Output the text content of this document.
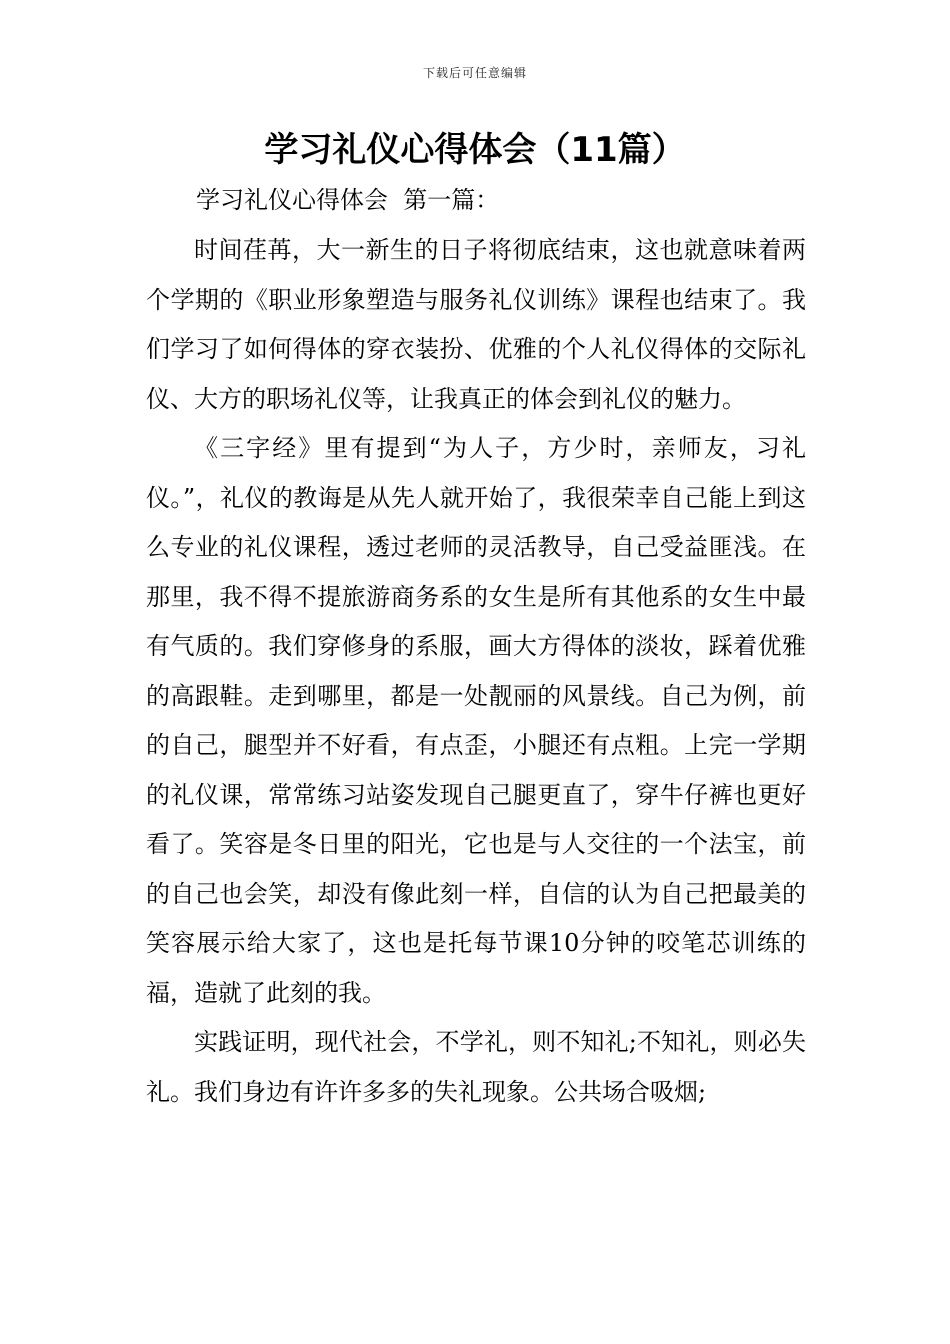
下载后可任意编辑
学习礼仪心得体会（11篇）
学习礼仪心得体会  第一篇：

时间荏苒，大一新生的日子将彻底结束，这也就意味着两个学期的《职业形象塑造与服务礼仪训练》课程也结束了。我们学习了如何得体的穿衣装扮、优雅的个人礼仪得体的交际礼仪、大方的职场礼仪等，让我真正的体会到礼仪的魅力。

《三字经》里有提到“为人子，方少时，亲师友，习礼仪。”，礼仪的教诲是从先人就开始了，我很荣幸自己能上到这么专业的礼仪课程，透过老师的灵活教导，自己受益匪浅。在那里，我不得不提旅游商务系的女生是所有其他系的女生中最有气质的。我们穿修身的系服，画大方得体的淡妆，踩着优雅的高跟鞋。走到哪里，都是一处靓丽的风景线。自己为例，前的自己，腿型并不好看，有点歪，小腿还有点粗。上完一学期的礼仪课，常常练习站姿发现自己腿更直了，穿牛仔裤也更好看了。笑容是冬日里的阳光，它也是与人交往的一个法宝，前的自己也会笑，却没有像此刻一样，自信的认为自己把最美的笑容展示给大家了，这也是托每节课10分钟的咬笔芯训练的福，造就了此刻的我。

实践证明，现代社会，不学礼，则不知礼;不知礼，则必失礼。我们身边有许许多多的失礼现象。公共场合吸烟;
